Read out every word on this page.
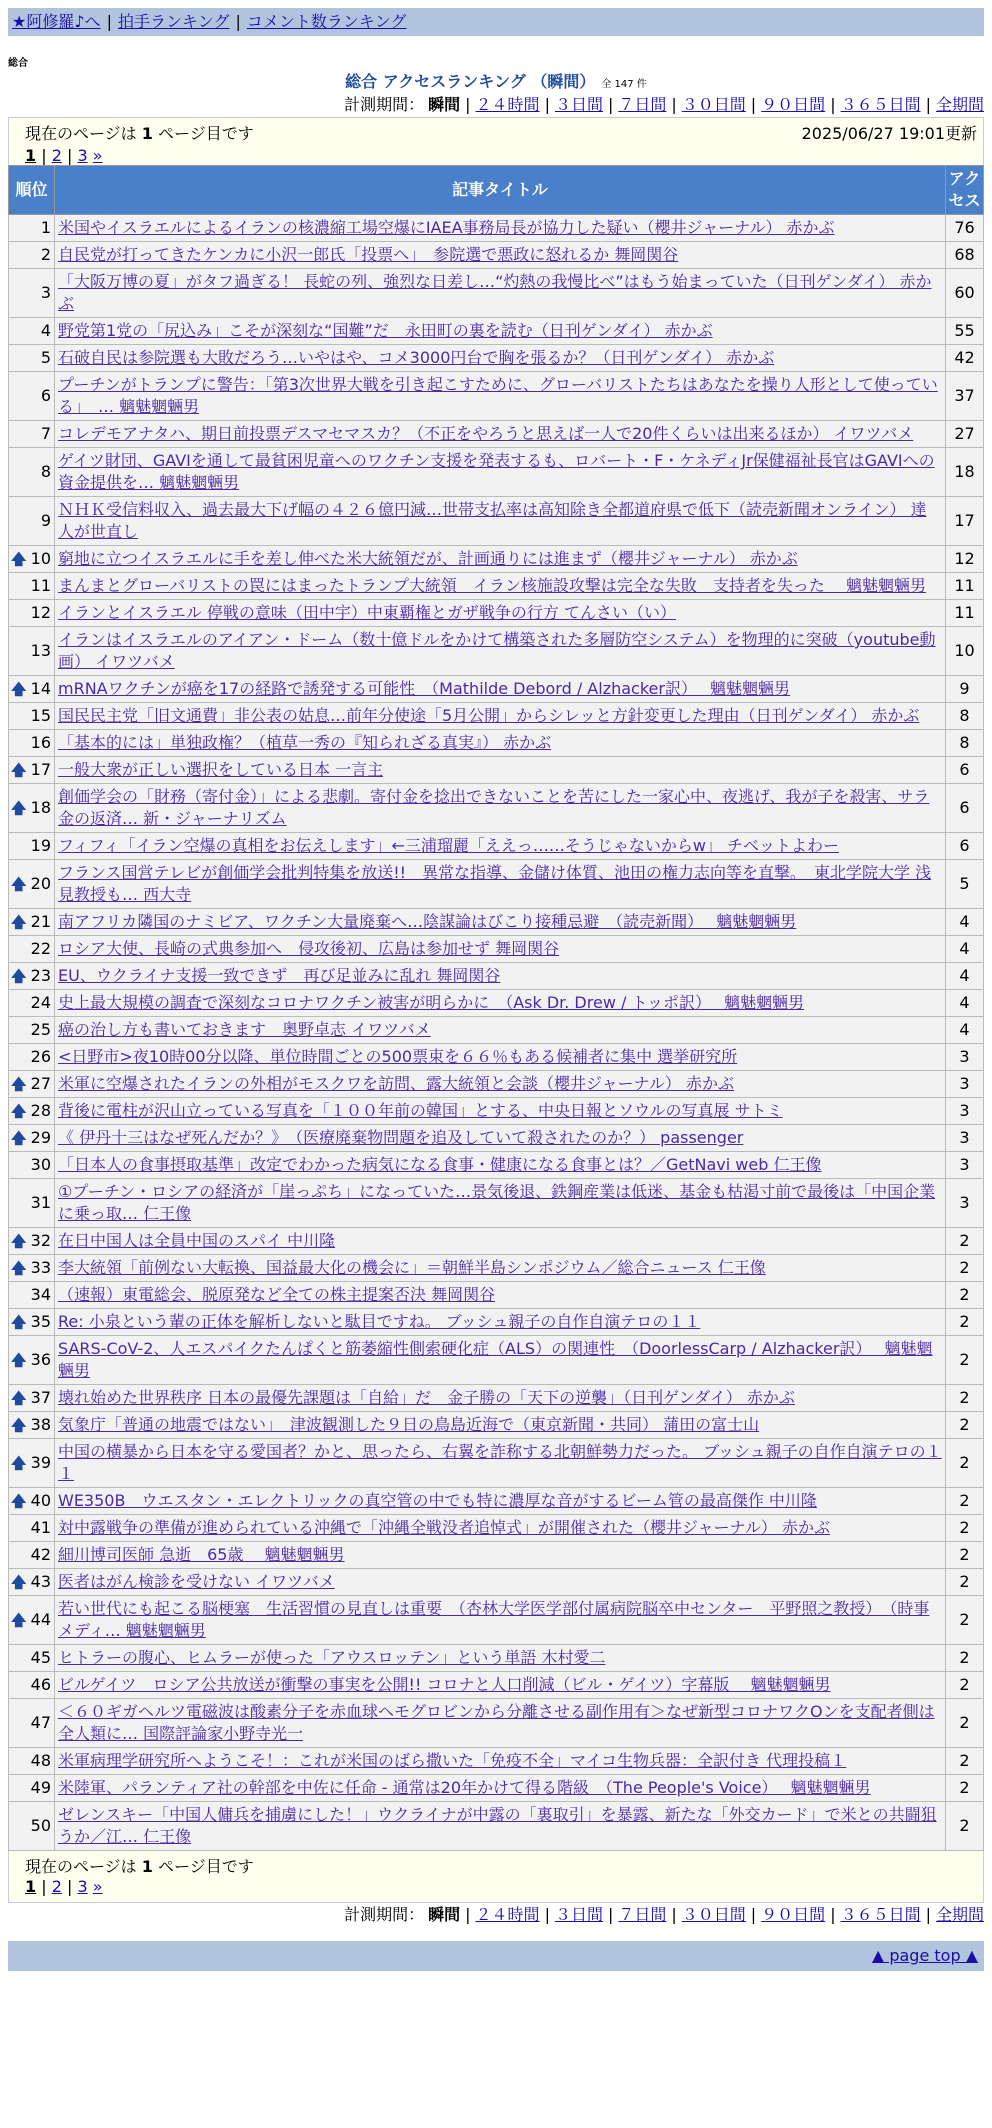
★阿修羅♪へ | 拍手ランキング | コメント数ランキング
総合
総合 アクセスランキング （瞬間） 全 147 件
計測期間： 瞬間 | ２４時間 | ３日間 | ７日間 | ３０日間 | ９０日間 | ３６５日間 | 全期間
現在のページは 1 ページ目です	2025/06/27 19:01更新
1 | 2 | 3 »
順位	記事タイトル	アクセス
1	米国やイスラエルによるイランの核濃縮工場空爆にIAEA事務局長が協力した疑い（櫻井ジャーナル） 赤かぶ	76
2	自民党が打ってきたケンカに小沢一郎氏「投票へ」　参院選で悪政に怒れるか 舞岡関谷	68
3	「大阪万博の夏」がタフ過ぎる！ 長蛇の列、強烈な日差し…“灼熱の我慢比べ”はもう始まっていた（日刊ゲンダイ） 赤かぶ	60
4	野党第1党の「尻込み」こそが深刻な“国難”だ　永田町の裏を読む（日刊ゲンダイ） 赤かぶ	55
5	石破自民は参院選も大敗だろう…いやはや、コメ3000円台で胸を張るか？（日刊ゲンダイ） 赤かぶ	42
6	プーチンがトランプに警告：「第3次世界大戦を引き起こすために、グローバリストたちはあなたを操り人形として使っている」　… 魑魅魍魎男	37
7	コレデモアナタハ、期日前投票デスマセマスカ？（不正をやろうと思えば一人で20件くらいは出来るほか） イワツバメ	27
8	ゲイツ財団、GAVIを通して最貧困児童へのワクチン支援を発表するも、ロバート・F・ケネディJr保健福祉長官はGAVIへの資金提供を… 魑魅魍魎男	18
9	ＮＨＫ受信料収入、過去最大下げ幅の４２６億円減…世帯支払率は高知除き全都道府県で低下（読売新聞オンライン） 達人が世直し	17

🡅 10	窮地に立つイスラエルに手を差し伸べた米大統領だが、計画通りには進まず（櫻井ジャーナル） 赤かぶ	12
11	まんまとグローバリストの罠にはまったトランプ大統領　イラン核施設攻撃は完全な失敗　支持者を失った　 魑魅魍魎男	11
12	イランとイスラエル 停戦の意味（田中宇）中東覇権とガザ戦争の行方 てんさい（い）	11
13	イランはイスラエルのアイアン・ドーム（数十億ドルをかけて構築された多層防空システム）を物理的に突破（youtube動画） イワツバメ	10

🡅 14	mRNAワクチンが癌を17の経路で誘発する可能性　（Mathilde Debord / Alzhacker訳）　 魑魅魍魎男	9
15	国民民主党「旧文通費」非公表の姑息…前年分使途「5月公開」からシレッと方針変更した理由（日刊ゲンダイ） 赤かぶ	8
16	「基本的には」単独政権？（植草一秀の『知られざる真実』） 赤かぶ	8

🡅 17	一般大衆が正しい選択をしている日本 一言主	6

🡅 18	創価学会の「財務（寄付金）」による悲劇。寄付金を捻出できないことを苦にした一家心中、夜逃げ、我が子を殺害、サラ金の返済… 新・ジャーナリズム	6
19	フィフィ「イラン空爆の真相をお伝えします」←三浦瑠麗「ええっ……そうじゃないからw」 チベットよわー	6

🡅 20	フランス国営テレビが創価学会批判特集を放送!!　異常な指導、金儲け体質、池田の権力志向等を直撃。　東北学院大学 浅見教授も… 西大寺	5

🡅 21	南アフリカ隣国のナミビア、ワクチン大量廃棄へ…陰謀論はびこり接種忌避　（読売新聞）　 魑魅魍魎男	4
22	ロシア大使、長崎の式典参加へ　侵攻後初、広島は参加せず 舞岡関谷	4

🡅 23	EU、ウクライナ支援一致できず　再び足並みに乱れ 舞岡関谷	4
24	史上最大規模の調査で深刻なコロナワクチン被害が明らかに　（Ask Dr. Drew / トッポ訳）　 魑魅魍魎男	4
25	癌の治し方も書いておきます　奥野卓志 イワツバメ	4
26	<日野市>夜10時00分以降、単位時間ごとの500票束を６６％もある候補者に集中 選挙研究所	3

🡅 27	米軍に空爆されたイランの外相がモスクワを訪問、露大統領と会談（櫻井ジャーナル） 赤かぶ	3

🡅 28	背後に電柱が沢山立っている写真を「１００年前の韓国」とする、中央日報とソウルの写真展 サトミ	3

🡅 29	《 伊丹十三はなぜ死んだか？》　（医療廃棄物問題を追及していて殺されたのか？） passenger	3
30	「日本人の食事摂取基準」改定でわかった病気になる食事・健康になる食事とは？／GetNavi web 仁王像	3
31	①プーチン・ロシアの経済が「崖っぷち」になっていた…景気後退、鉄鋼産業は低迷、基金も枯渇寸前で最後は「中国企業に乗っ取… 仁王像	3

🡅 32	在日中国人は全員中国のスパイ 中川隆	2

🡅 33	李大統領「前例ない大転換、国益最大化の機会に」＝朝鮮半島シンポジウム／総合ニュース 仁王像	2
34	（速報）東電総会、脱原発など全ての株主提案否決 舞岡関谷	2

🡅 35	Re: 小泉という輩の正体を解析しないと駄目ですね。 ブッシュ親子の自作自演テロの１１	2

🡅 36	SARS-CoV-2、人エスパイクたんぱくと筋萎縮性側索硬化症（ALS）の関連性　（DoorlessCarp / Alzhacker訳）　 魑魅魍魎男	2

🡅 37	壊れ始めた世界秩序 日本の最優先課題は「自給」だ　金子勝の「天下の逆襲」（日刊ゲンダイ） 赤かぶ	2

🡅 38	気象庁「普通の地震ではない」　津波観測した９日の鳥島近海で（東京新聞・共同） 蒲田の富士山	2

🡅 39	中国の横暴から日本を守る愛国者？かと、思ったら、右翼を詐称する北朝鮮勢力だった。 ブッシュ親子の自作自演テロの１１	2

🡅 40	WE350B　ウエスタン・エレクトリックの真空管の中でも特に濃厚な音がするビーム管の最高傑作 中川隆	2
41	対中露戦争の準備が進められている沖縄で「沖縄全戦没者追悼式」が開催された（櫻井ジャーナル） 赤かぶ	2
42	細川博司医師 急逝　65歳　 魑魅魍魎男	2

🡅 43	医者はがん検診を受けない イワツバメ	2

🡅 44	若い世代にも起こる脳梗塞　生活習慣の見直しは重要　（杏林大学医学部付属病院脳卒中センター　平野照之教授）　（時事メディ… 魑魅魍魎男	2
45	ヒトラーの腹心、ヒムラーが使った「アウスロッテン」という単語 木村愛二	2
46	ビルゲイツ　ロシア公共放送が衝撃の事実を公開!! コロナと人口削減（ビル・ゲイツ）字幕版　 魑魅魍魎男	2
47	＜６０ギガヘルツ電磁波は酸素分子を赤血球ヘモグロビンから分離させる副作用有＞なぜ新型コロナワクOンを支配者側は全人類に… 国際評論家小野寺光一	2
48	米軍病理学研究所へようこそ！：これが米国のばら撒いた「免疫不全」マイコ生物兵器：全訳付き 代理投稿１	2
49	米陸軍、パランティア社の幹部を中佐に任命 - 通常は20年かけて得る階級　（The People's Voice）　 魑魅魍魎男	2
50	ゼレンスキー「中国人傭兵を捕虜にした！」ウクライナが中露の「裏取引」を暴露、新たな「外交カード」で米との共闘狙うか／江… 仁王像	2
現在のページは 1 ページ目です
1 | 2 | 3 »
計測期間： 瞬間 | ２４時間 | ３日間 | ７日間 | ３０日間 | ９０日間 | ３６５日間 | 全期間
▲ page top ▲
